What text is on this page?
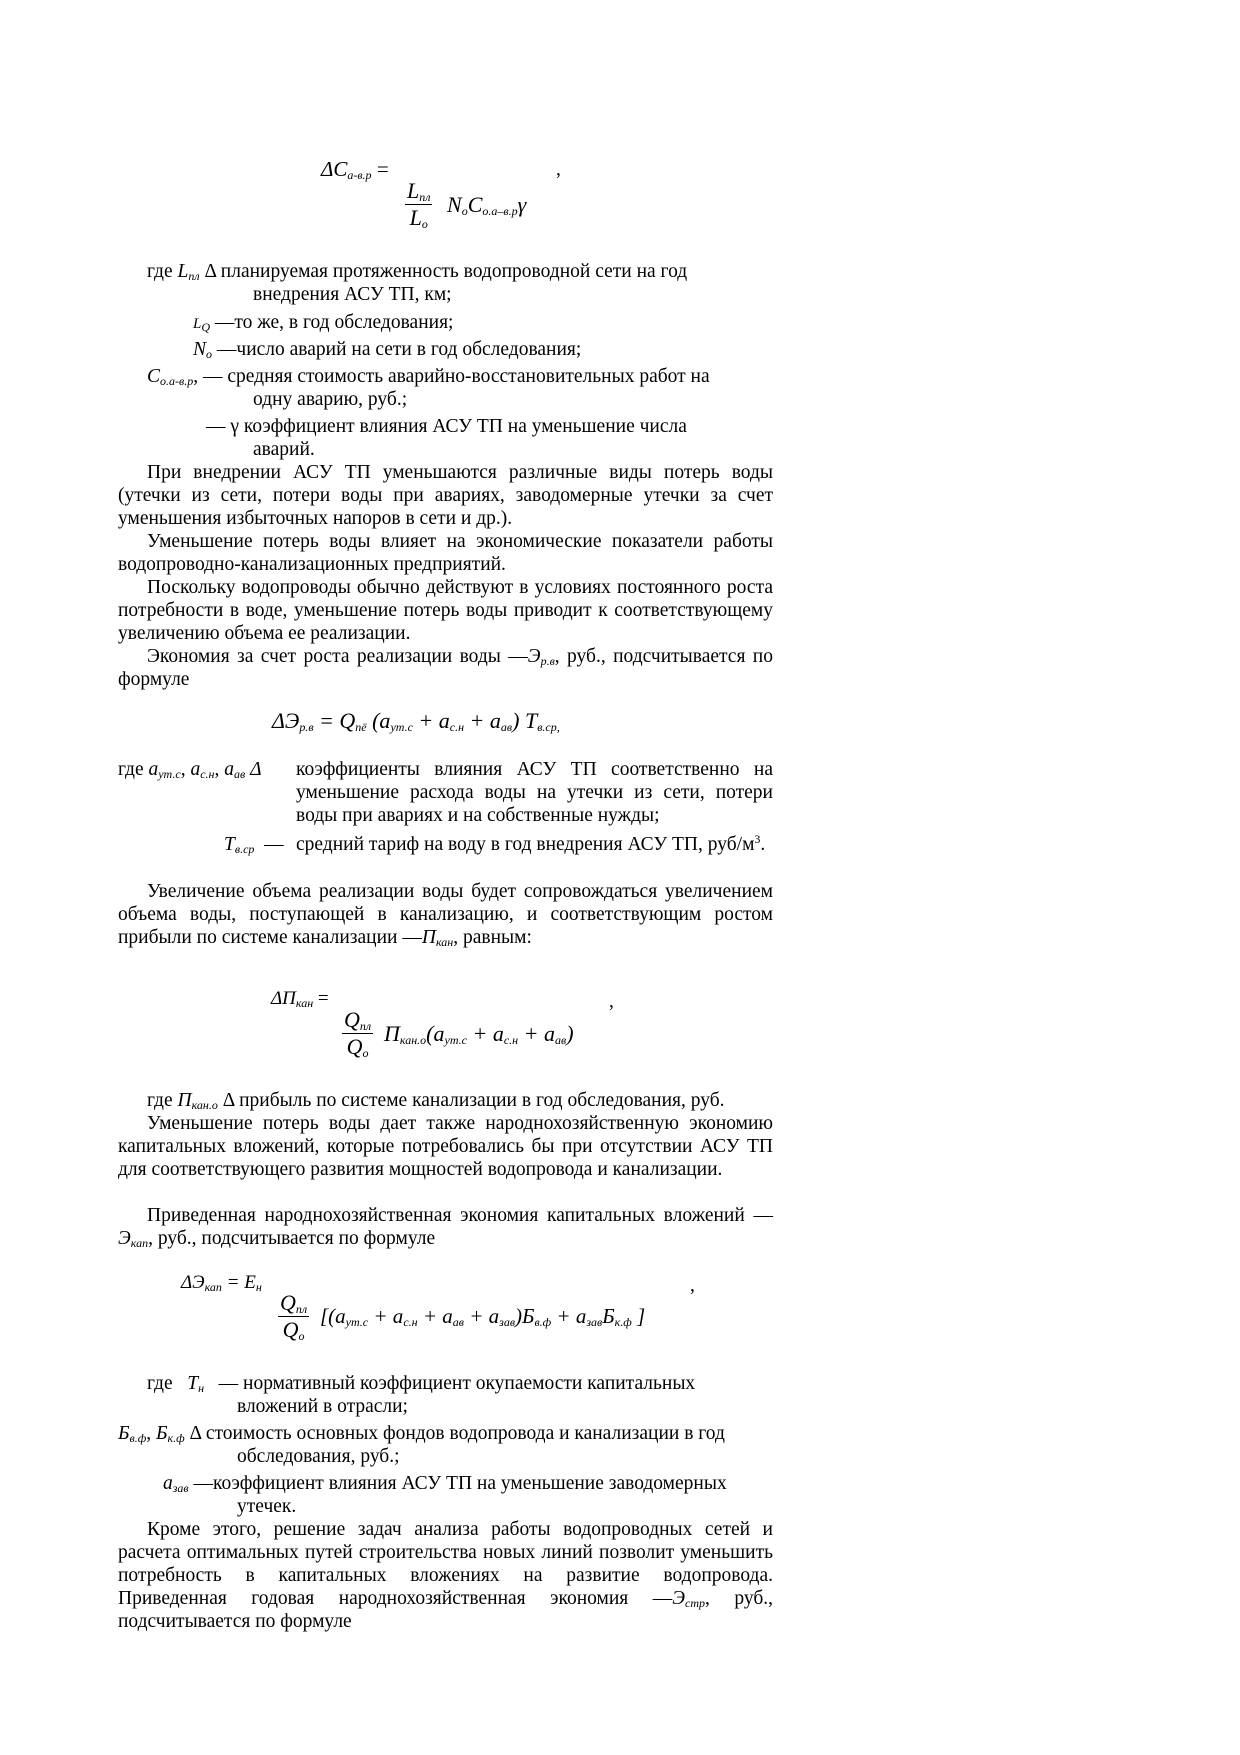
$\Delta C_{а-в.р}$ =	,
$L_{пл}$
$L_o$
$N_oC_{o.a-в.р}\gamma$
где $L_{пл}$ Δ планируемая протяженность водопроводной сети на год
внедрения АСУ ТП, км;
$L_Q$ —то же, в год обследования;
$N_o$ —число аварий на сети в год обследования;
$C_{о.а-в.р}$, — средняя стоимость аварийно-восстановительных работ на
одну аварию, руб.;
— γ коэффициент влияния АСУ ТП на уменьшение числа
аварий.
При внедрении АСУ ТП уменьшаются различные виды потерь воды (утечки из сети, потери воды при авариях, заводомерные утечки за счет уменьшения избыточных напоров в сети и др.).
Уменьшение потерь воды влияет на экономические показатели работы водопроводно-канализационных предприятий.
Поскольку водопроводы обычно действуют в условиях постоянного роста потребности в воде, уменьшение потерь воды приводит к соответствующему увеличению объема ее реализации.
Экономия за счет роста реализации воды $—Э_{р.в}$, руб., подсчитывается по формуле
$\Delta Э_{р.в} = Q_{пё}$ $(a_{ут.с} + a_{с.н} + a_{ав})$ $T_{в.ср,}$
где $a_{ут.с}$, $a_{с.н}$, $a_{ав}$ Δ коэффициенты влияния АСУ ТП соответственно на уменьшение расхода воды на утечки из сети, потери воды при авариях и на собственные нужды;
$Т_{в.ср}$ — средний тариф на воду в год внедрения АСУ ТП, руб/$м^3$.
Увеличение объема реализации воды будет сопровождаться увеличением объема воды, поступающей в канализацию, и соответствующим ростом прибыли по системе канализации $—П_{кан}$, равным:
$\Delta П_{кан}$ =	,
$Q_{пл}$
$Q_o$
$П_{кан.o}(a_{ут.с} + a_{с.н} + a_{ав})$
где $П_{кан.о}$ Δ прибыль по системе канализации в год обследования, руб.
Уменьшение потерь воды дает также народнохозяйственную экономию капитальных вложений, которые потребовались бы при отсутствии АСУ ТП для соответствующего развития мощностей водопровода и канализации.
Приведенная народнохозяйственная экономия капитальных вложений $—Э_{кап}$, руб., подсчитывается по формуле
$\Delta Э_{кап} = E_н$	,
$Q_{пл}$
$Q_o$
[$(a_{ут.с} + a_{с.н} + a_{ав} + a_{зав})Б_{в.ф} + a_{зав}Б_{к.ф}$ ]
где $Т_н$ — нормативный коэффициент окупаемости капитальных
вложений в отрасли;
$Б_{в.ф}$, $Б_{к.ф}$ Δ стоимость основных фондов водопровода и канализации в год
обследования, руб.;
$a_{зав}$ —коэффициент влияния АСУ ТП на уменьшение заводомерных
утечек.
Кроме этого, решение задач анализа работы водопроводных сетей и расчета оптимальных путей строительства новых линий позволит уменьшить потребность в капитальных вложениях на развитие водопровода. Приведенная годовая народнохозяйственная экономия $—Э_{стр}$, руб., подсчитывается по формуле
